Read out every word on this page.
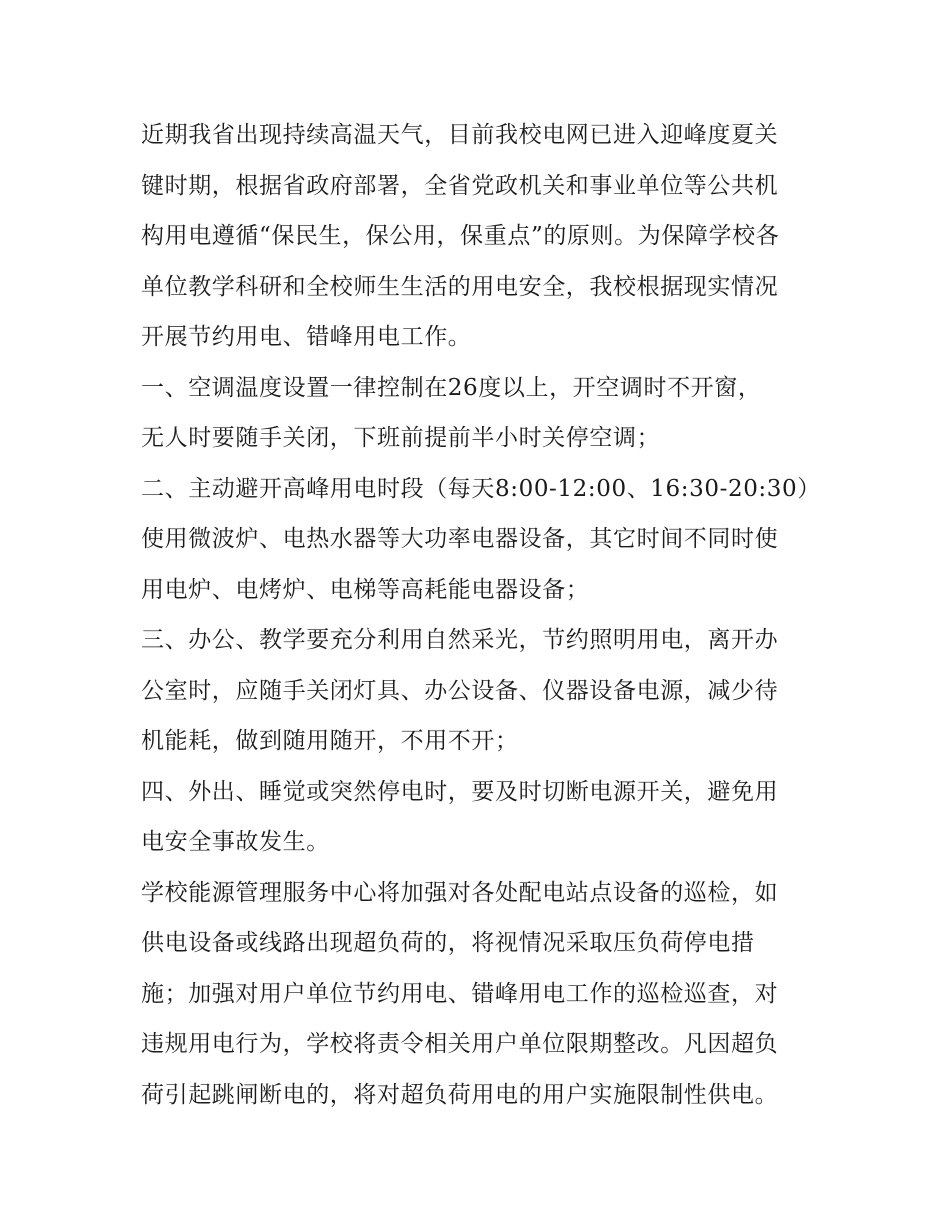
近期我省出现持续高温天气，目前我校电网已进入迎峰度夏关
键时期，根据省政府部署，全省党政机关和事业单位等公共机
构用电遵循“保民生，保公用，保重点”的原则。为保障学校各
单位教学科研和全校师生生活的用电安全，我校根据现实情况
开展节约用电、错峰用电工作。
一、空调温度设置一律控制在26度以上，开空调时不开窗，
无人时要随手关闭，下班前提前半小时关停空调；
二、主动避开高峰用电时段（每天8:00-12:00、16:30-20:30）
使用微波炉、电热水器等大功率电器设备，其它时间不同时使
用电炉、电烤炉、电梯等高耗能电器设备；
三、办公、教学要充分利用自然采光，节约照明用电，离开办
公室时，应随手关闭灯具、办公设备、仪器设备电源，减少待
机能耗，做到随用随开，不用不开；
四、外出、睡觉或突然停电时，要及时切断电源开关，避免用
电安全事故发生。
学校能源管理服务中心将加强对各处配电站点设备的巡检，如
供电设备或线路出现超负荷的，将视情况采取压负荷停电措
施；加强对用户单位节约用电、错峰用电工作的巡检巡查，对
违规用电行为，学校将责令相关用户单位限期整改。凡因超负
荷引起跳闸断电的，将对超负荷用电的用户实施限制性供电。
